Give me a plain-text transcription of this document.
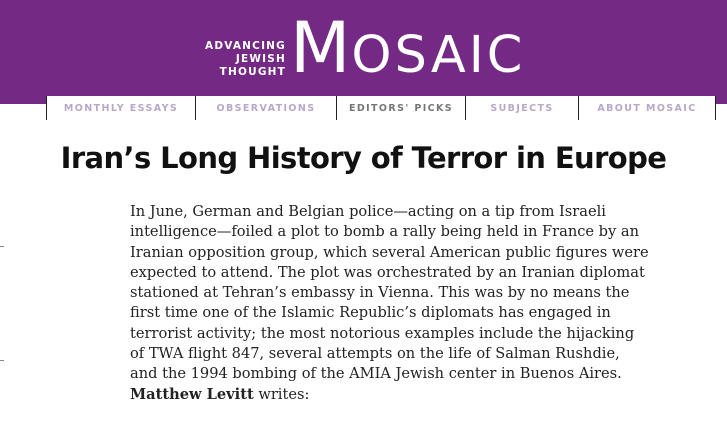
ADVANCING
JEWISH
THOUGHT MOSAIC
MONTHLY ESSAYS	OBSERVATIONS	EDITORS' PICKS	SUBJECTS	ABOUT MOSAIC
Iran’s Long History of Terror in Europe

In June, German and Belgian police—acting on a tip from Israeli intelligence—foiled a plot to bomb a rally being held in France by an Iranian opposition group, which several American public figures were expected to attend. The plot was orchestrated by an Iranian diplomat stationed at Tehran’s embassy in Vienna. This was by no means the first time one of the Islamic Republic’s diplomats has engaged in terrorist activity; the most notorious examples include the hijacking of TWA flight 847, several attempts on the life of Salman Rushdie, and the 1994 bombing of the AMIA Jewish center in Buenos Aires. Matthew Levitt writes:
